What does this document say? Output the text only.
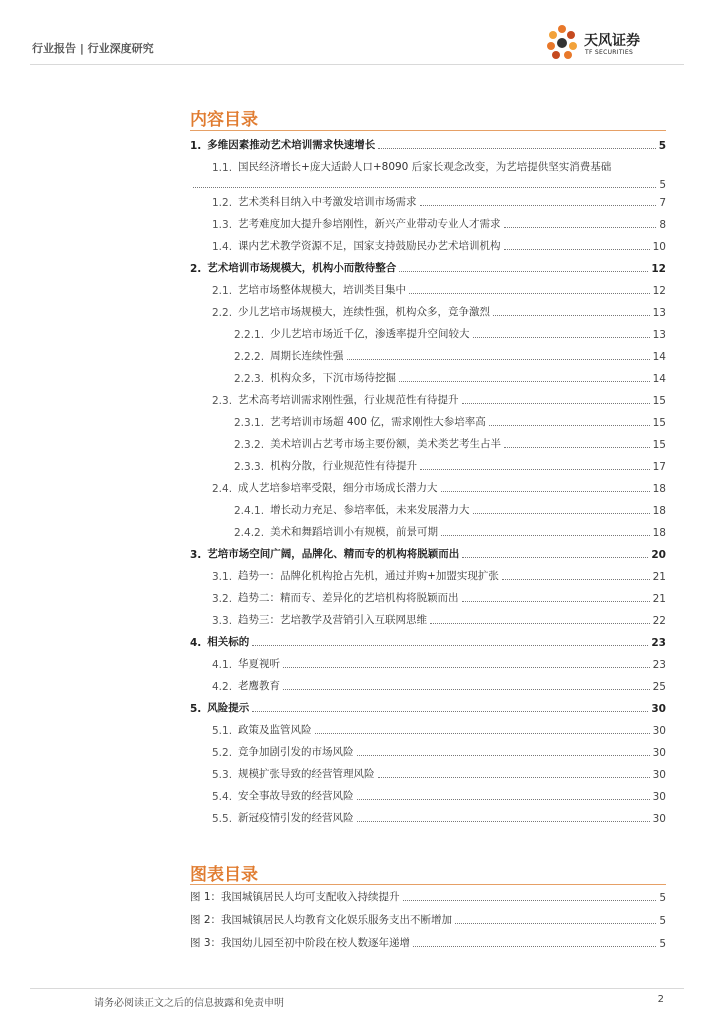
行业报告 | 行业深度研究	天风证券
TF SECURITIES
内容目录
1. 多维因素推动艺术培训需求快速增长	5
1.1. 国民经济增长+庞大适龄人口+8090 后家长观念改变，为艺培提供坚实消费基础
5
1.2. 艺术类科目纳入中考激发培训市场需求	7
1.3. 艺考难度加大提升参培刚性，新兴产业带动专业人才需求	8
1.4. 课内艺术教学资源不足，国家支持鼓励民办艺术培训机构	10
2. 艺术培训市场规模大，机构小而散待整合	12
2.1. 艺培市场整体规模大，培训类目集中	12
2.2. 少儿艺培市场规模大，连续性强，机构众多，竞争激烈	13
2.2.1. 少儿艺培市场近千亿，渗透率提升空间较大	13
2.2.2. 周期长连续性强	14
2.2.3. 机构众多，下沉市场待挖掘	14
2.3. 艺术高考培训需求刚性强，行业规范性有待提升	15
2.3.1. 艺考培训市场超 400 亿，需求刚性大参培率高	15
2.3.2. 美术培训占艺考市场主要份额，美术类艺考生占半	15
2.3.3. 机构分散，行业规范性有待提升	17
2.4. 成人艺培参培率受限，细分市场成长潜力大	18
2.4.1. 增长动力充足、参培率低，未来发展潜力大	18
2.4.2. 美术和舞蹈培训小有规模，前景可期	18
3. 艺培市场空间广阔，品牌化、精而专的机构将脱颖而出	20
3.1. 趋势一：品牌化机构抢占先机，通过并购+加盟实现扩张	21
3.2. 趋势二：精而专、差异化的艺培机构将脱颖而出	21
3.3. 趋势三：艺培教学及营销引入互联网思维	22
4. 相关标的	23
4.1. 华夏视听	23
4.2. 老鹰教育	25
5. 风险提示	30
5.1. 政策及监管风险	30
5.2. 竞争加剧引发的市场风险	30
5.3. 规模扩张导致的经营管理风险	30
5.4. 安全事故导致的经营风险	30
5.5. 新冠疫情引发的经营风险	30
图表目录
图 1：我国城镇居民人均可支配收入持续提升	5
图 2：我国城镇居民人均教育文化娱乐服务支出不断增加	5
图 3：我国幼儿园至初中阶段在校人数逐年递增	5
请务必阅读正文之后的信息披露和免责申明	2
